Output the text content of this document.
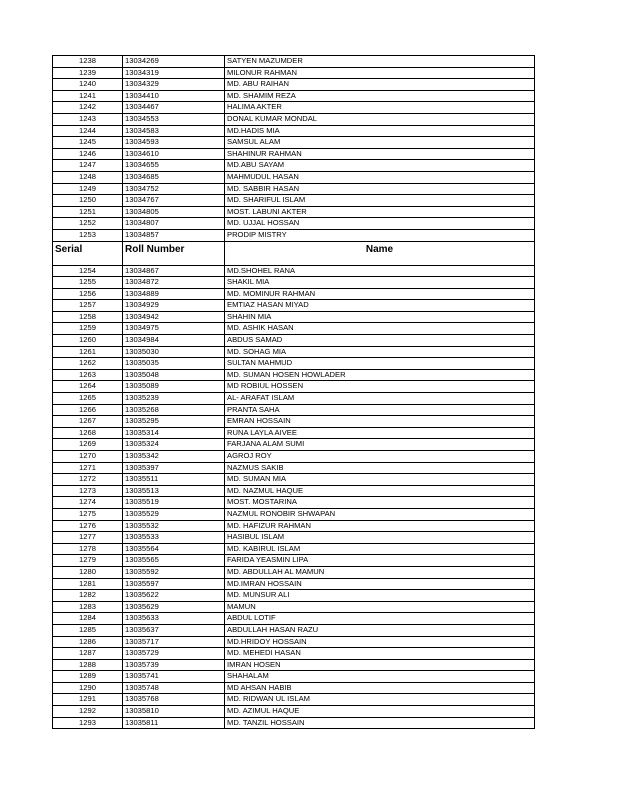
1238	13034269	SATYEN MAZUMDER
1239	13034319	MILONUR RAHMAN
1240	13034329	MD. ABU RAIHAN
1241	13034410	MD. SHAMIM REZA
1242	13034467	HALIMA AKTER
1243	13034553	DONAL KUMAR MONDAL
1244	13034583	MD.HADIS MIA
1245	13034593	SAMSUL ALAM
1246	13034610	SHAHINUR RAHMAN
1247	13034655	MD.ABU SAYAM
1248	13034685	MAHMUDUL HASAN
1249	13034752	MD. SABBIR HASAN
1250	13034767	MD. SHARIFUL ISLAM
1251	13034805	MOST. LABUNI AKTER
1252	13034807	MD. UJJAL HOSSAN
1253	13034857	PRODIP MISTRY
Serial	Roll Number	Name
1254	13034867	MD.SHOHEL RANA
1255	13034872	SHAKIL MIA
1256	13034889	MD. MOMINUR RAHMAN
1257	13034929	EMTIAZ HASAN MIYAD
1258	13034942	SHAHIN MIA
1259	13034975	MD. ASHIK HASAN
1260	13034984	ABDUS SAMAD
1261	13035030	MD. SOHAG MIA
1262	13035035	SULTAN MAHMUD
1263	13035048	MD. SUMAN HOSEN HOWLADER
1264	13035089	MD ROBIUL HOSSEN
1265	13035239	AL- ARAFAT ISLAM
1266	13035268	PRANTA SAHA
1267	13035295	EMRAN HOSSAIN
1268	13035314	RUNA LAYLA AIVEE
1269	13035324	FARJANA ALAM SUMI
1270	13035342	AGROJ ROY
1271	13035397	NAZMUS SAKIB
1272	13035511	MD. SUMAN MIA
1273	13035513	MD. NAZMUL HAQUE
1274	13035519	MOST. MOSTARINA
1275	13035529	NAZMUL RONOBIR SHWAPAN
1276	13035532	MD. HAFIZUR RAHMAN
1277	13035533	HASIBUL ISLAM
1278	13035564	MD. KABIRUL ISLAM
1279	13035565	FARIDA YEASMIN LIPA
1280	13035592	MD. ABDULLAH AL MAMUN
1281	13035597	MD.IMRAN HOSSAIN
1282	13035622	MD. MUNSUR ALI
1283	13035629	MAMUN
1284	13035633	ABDUL LOTIF
1285	13035637	ABDULLAH HASAN RAZU
1286	13035717	MD.HRIDOY HOSSAIN
1287	13035729	MD. MEHEDI HASAN
1288	13035739	IMRAN HOSEN
1289	13035741	SHAHALAM
1290	13035748	MD AHSAN HABIB
1291	13035768	MD. RIDWAN UL ISLAM
1292	13035810	MD. AZIMUL HAQUE
1293	13035811	MD. TANZIL HOSSAIN
